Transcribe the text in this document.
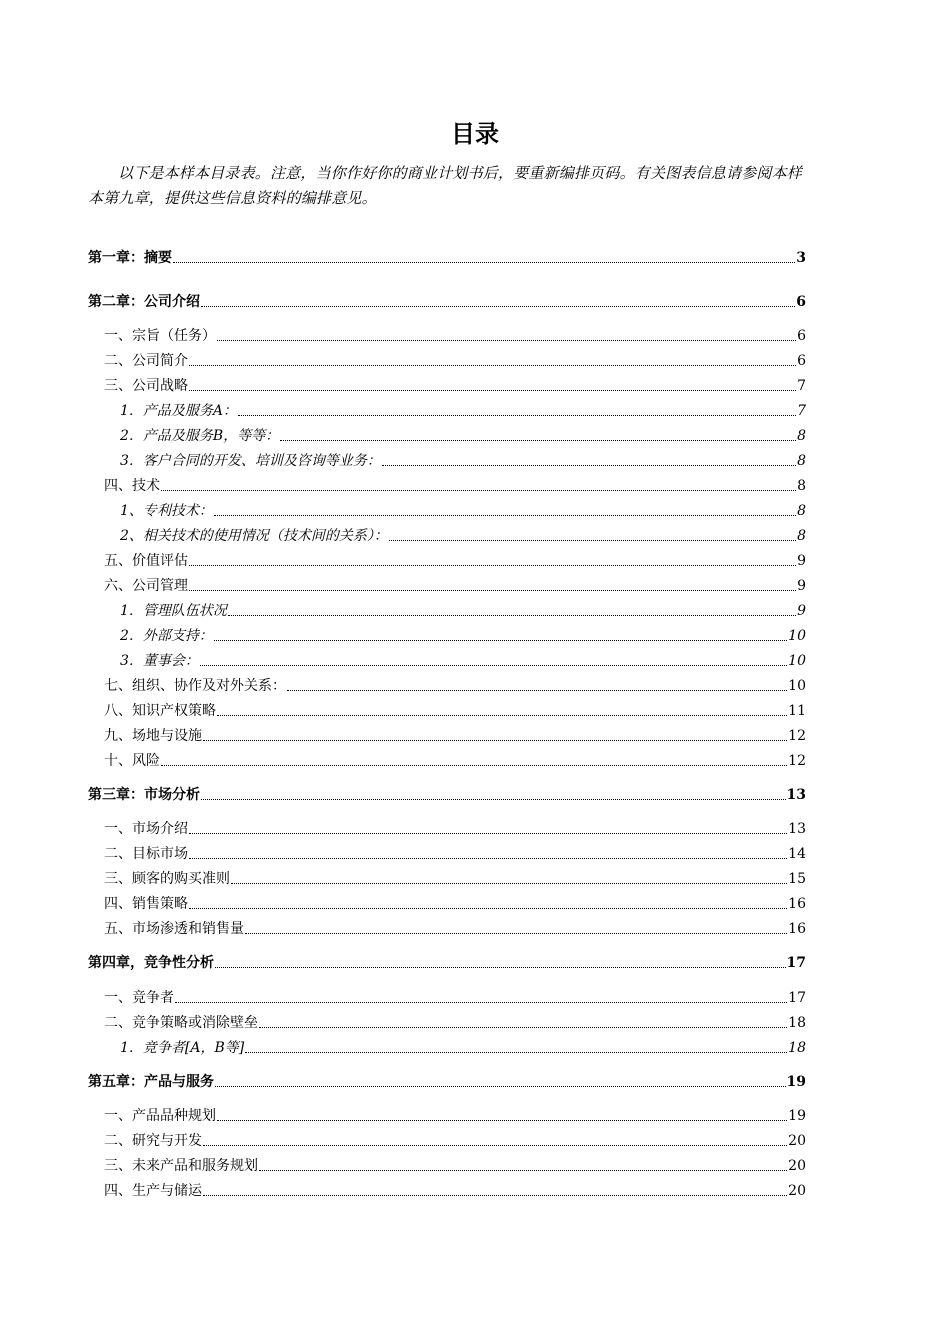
目录

以下是本样本目录表。注意，当你作好你的商业计划书后，要重新编排页码。有关图表信息请参阅本样本第九章，提供这些信息资料的编排意见。

第一章：摘要	3
第二章：公司介绍	6
一、宗旨（任务）	6
二、公司简介	6
三、公司战略	7
1．产品及服务A：	7
2．产品及服务B，等等：	8
3．客户合同的开发、培训及咨询等业务：	8
四、技术	8
1、专利技术：	8
2、相关技术的使用情况（技术间的关系）：	8
五、价值评估	9
六、公司管理	9
1．管理队伍状况	9
2．外部支持：	10
3．董事会：	10
七、组织、协作及对外关系：	10
八、知识产权策略	11
九、场地与设施	12
十、风险	12
第三章：市场分析	13
一、市场介绍	13
二、目标市场	14
三、顾客的购买准则	15
四、销售策略	16
五、市场渗透和销售量	16
第四章，竞争性分析	17
一、竞争者	17
二、竞争策略或消除壁垒	18
1．竞争者[A，B等]	18
第五章：产品与服务	19
一、产品品种规划	19
二、研究与开发	20
三、未来产品和服务规划	20
四、生产与储运	20
